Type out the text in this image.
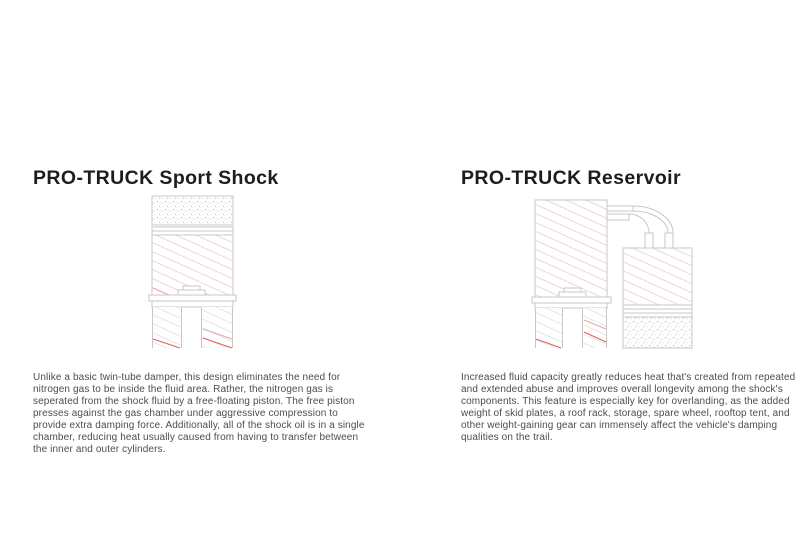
PRO-TRUCK Sport Shock

Unlike a basic twin-tube damper, this design eliminates the need for nitrogen gas to be inside the fluid area. Rather, the nitrogen gas is seperated from the shock fluid by a free-floating piston. The free piston presses against the gas chamber under aggressive compression to provide extra damping force. Additionally, all of the shock oil is in a single chamber, reducing heat usually caused from having to transfer between the inner and outer cylinders.

PRO-TRUCK Reservoir

Increased fluid capacity greatly reduces heat that's created from repeated and extended abuse and improves overall longevity among the shock's components. This feature is especially key for overlanding, as the added weight of skid plates, a roof rack, storage, spare wheel, rooftop tent, and other weight-gaining gear can immensely affect the vehicle's damping qualities on the trail.
